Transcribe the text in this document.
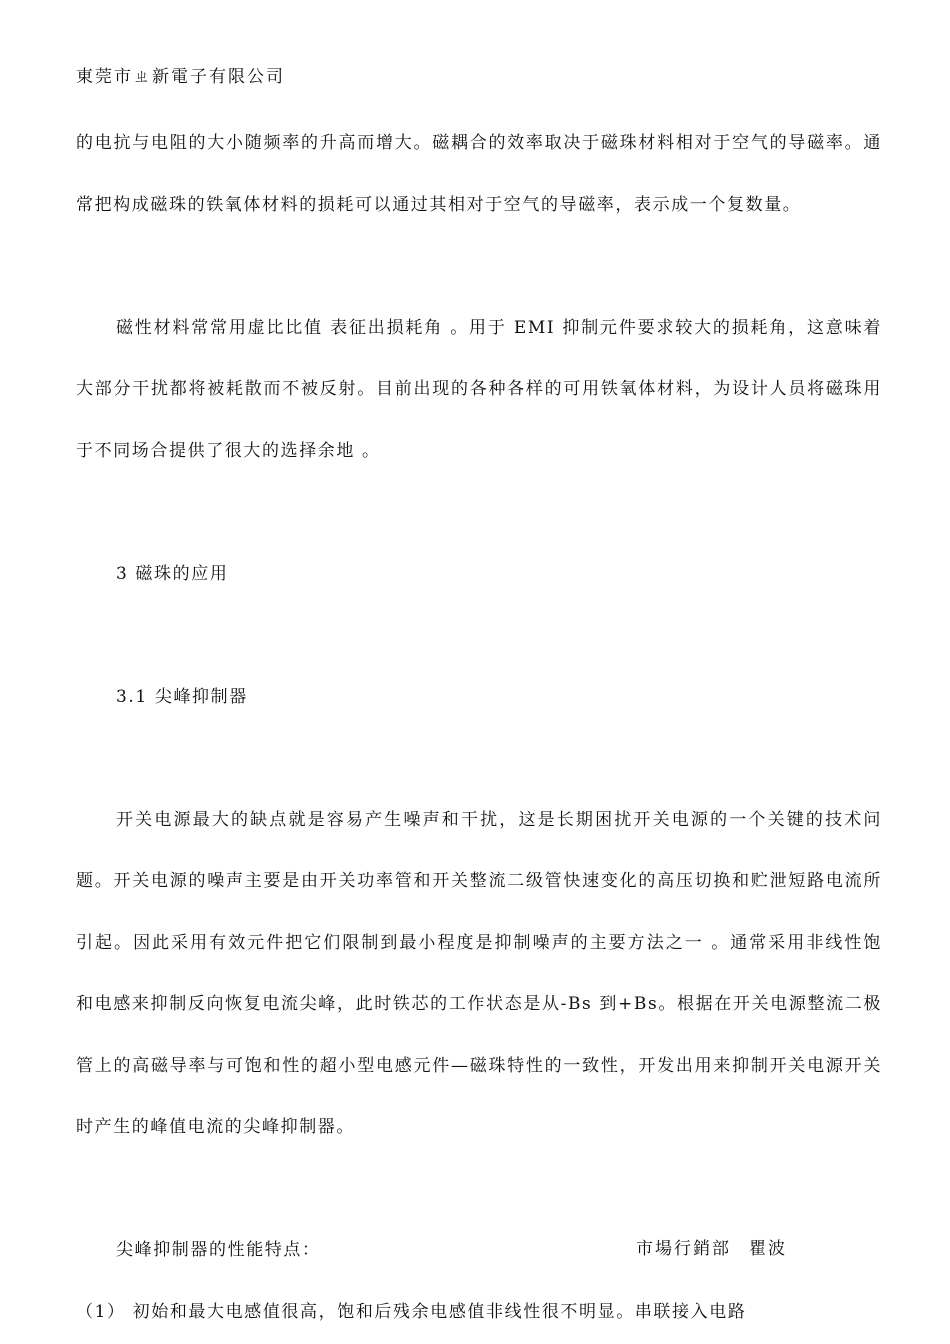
東莞市ㄓ新電子有限公司

的电抗与电阻的大小随频率的升高而增大。磁耦合的效率取决于磁珠材料相对于空气的导磁率。通常把构成磁珠的铁氧体材料的损耗可以通过其相对于空气的导磁率，表示成一个复数量。

磁性材料常常用虚比比值 表征出损耗角 。用于 EMI 抑制元件要求较大的损耗角，这意味着大部分干扰都将被耗散而不被反射。目前出现的各种各样的可用铁氧体材料，为设计人员将磁珠用于不同场合提供了很大的选择余地 。

3 磁珠的应用

3.1 尖峰抑制器

开关电源最大的缺点就是容易产生噪声和干扰，这是长期困扰开关电源的一个关键的技术问题。开关电源的噪声主要是由开关功率管和开关整流二级管快速变化的高压切换和贮泄短路电流所引起。因此采用有效元件把它们限制到最小程度是抑制噪声的主要方法之一 。通常采用非线性饱和电感来抑制反向恢复电流尖峰，此时铁芯的工作状态是从-Bs 到+Bs。根据在开关电源整流二极管上的高磁导率与可饱和性的超小型电感元件—磁珠特性的一致性，开发出用来抑制开关电源开关时产生的峰值电流的尖峰抑制器。

尖峰抑制器的性能特点：

（1） 初始和最大电感值很高，饱和后残余电感值非线性很不明显。串联接入电路

市場行銷部 瞿波
